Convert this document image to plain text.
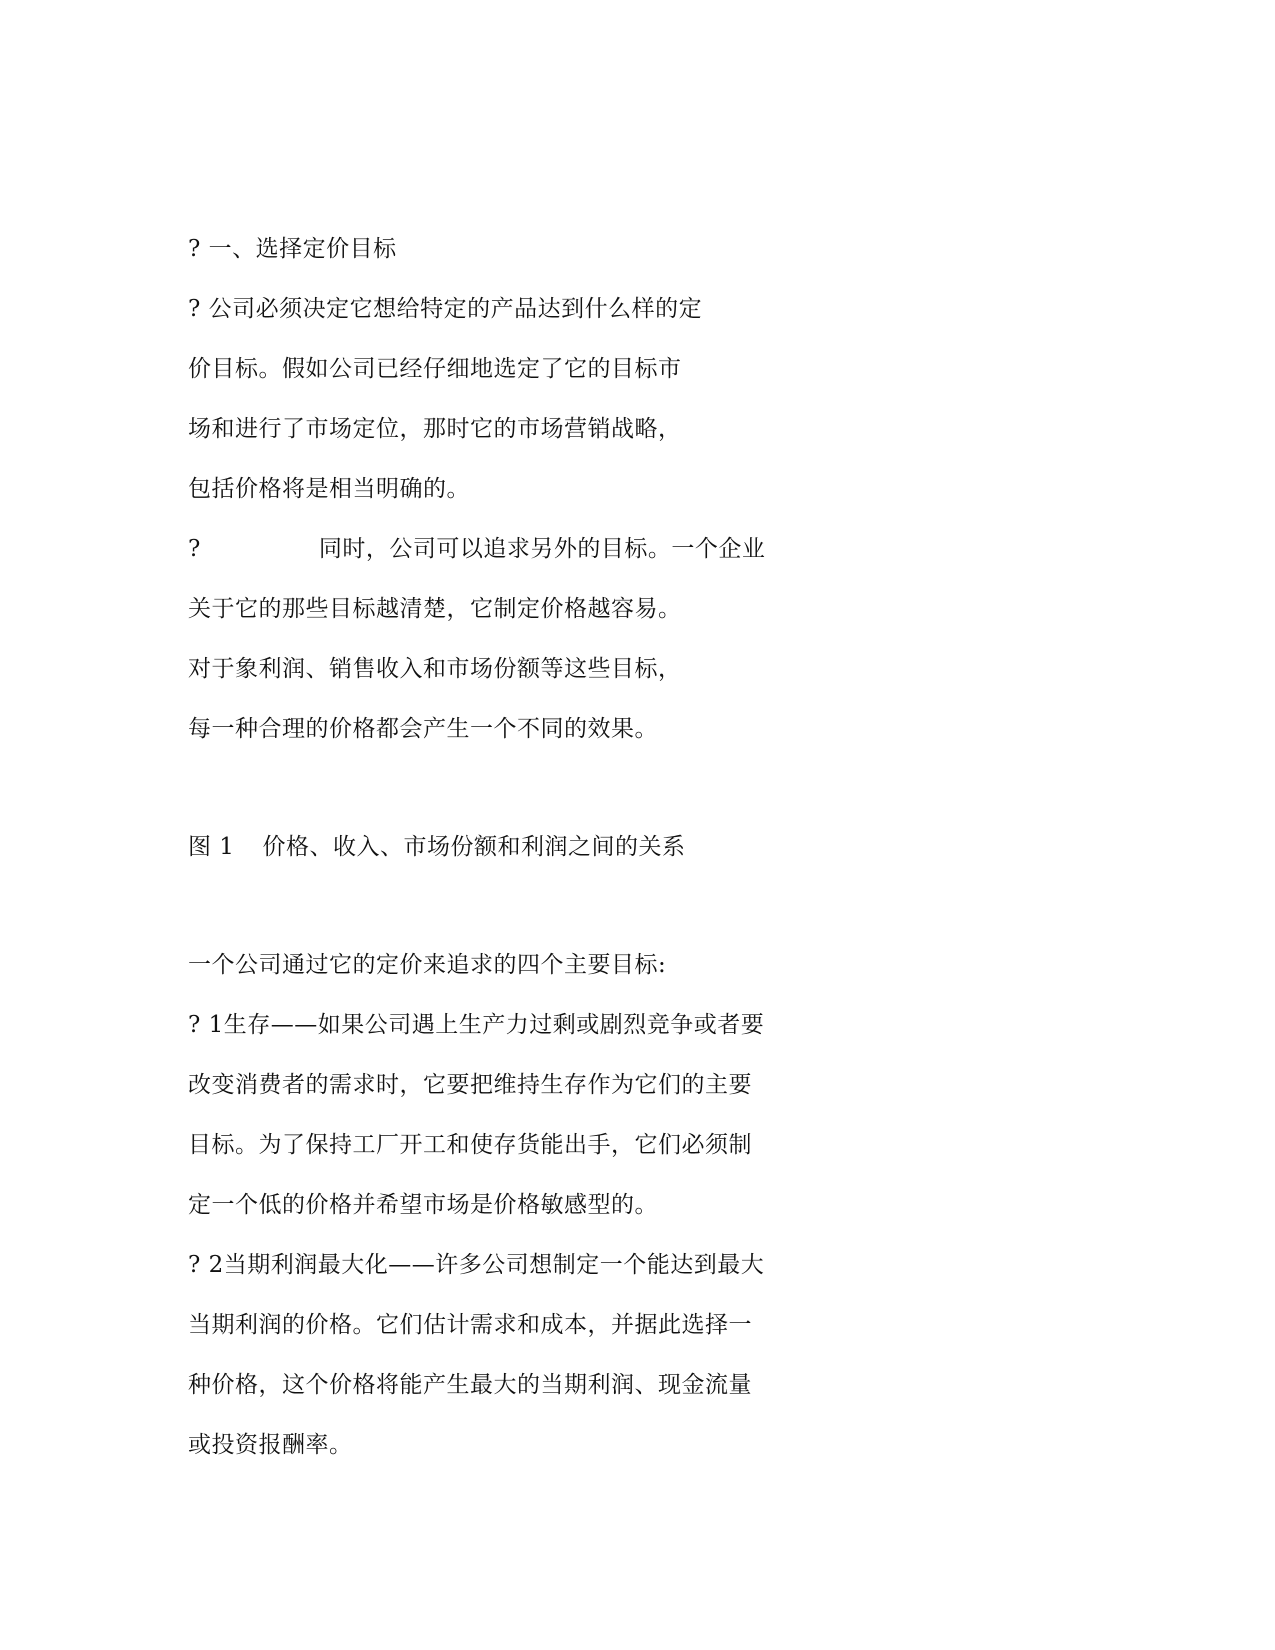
? 一、选择定价目标
? 公司必须决定它想给特定的产品达到什么样的定
价目标。假如公司已经仔细地选定了它的目标市
场和进行了市场定位，那时它的市场营销战略，
包括价格将是相当明确的。
?	同时，公司可以追求另外的目标。一个企业
关于它的那些目标越清楚，它制定价格越容易。
对于象利润、销售收入和市场份额等这些目标，
每一种合理的价格都会产生一个不同的效果。
图 1 价格、收入、市场份额和利润之间的关系
一个公司通过它的定价来追求的四个主要目标:
? 1生存——如果公司遇上生产力过剩或剧烈竞争或者要
改变消费者的需求时，它要把维持生存作为它们的主要
目标。为了保持工厂开工和使存货能出手，它们必须制
定一个低的价格并希望市场是价格敏感型的。
? 2当期利润最大化——许多公司想制定一个能达到最大
当期利润的价格。它们估计需求和成本，并据此选择一
种价格，这个价格将能产生最大的当期利润、现金流量
或投资报酬率。
